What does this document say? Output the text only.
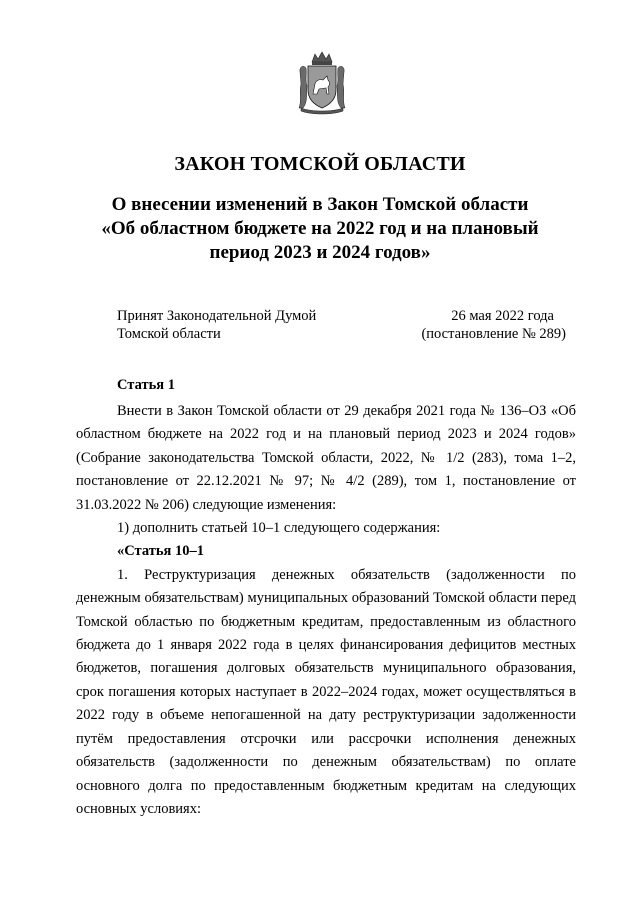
ЗАКОН ТОМСКОЙ ОБЛАСТИ
О внесении изменений в Закон Томской области
«Об областном бюджете на 2022 год и на плановый
период 2023 и 2024 годов»
Принят Законодательной Думой
Томской области
26 мая 2022 года
(постановление № 289)
Статья 1

Внести в Закон Томской области от 29 декабря 2021 года № 136–ОЗ «Об областном бюджете на 2022 год и на плановый период 2023 и 2024 годов» (Собрание законодательства Томской области, 2022, № 1/2 (283), тома 1–2, постановление от 22.12.2021 № 97; № 4/2 (289), том 1, постановление от 31.03.2022 № 206) следующие изменения:

1) дополнить статьей 10–1 следующего содержания:

«Статья 10–1

1. Реструктуризация денежных обязательств (задолженности по денежным обязательствам) муниципальных образований Томской области перед Томской областью по бюджетным кредитам, предоставленным из областного бюджета до 1 января 2022 года в целях финансирования дефицитов местных бюджетов, погашения долговых обязательств муниципального образования, срок погашения которых наступает в 2022–2024 годах, может осуществляться в 2022 году в объеме непогашенной на дату реструктуризации задолженности путём предоставления отсрочки или рассрочки исполнения денежных обязательств (задолженности по денежным обязательствам) по оплате основного долга по предоставленным бюджетным кредитам на следующих основных условиях:
